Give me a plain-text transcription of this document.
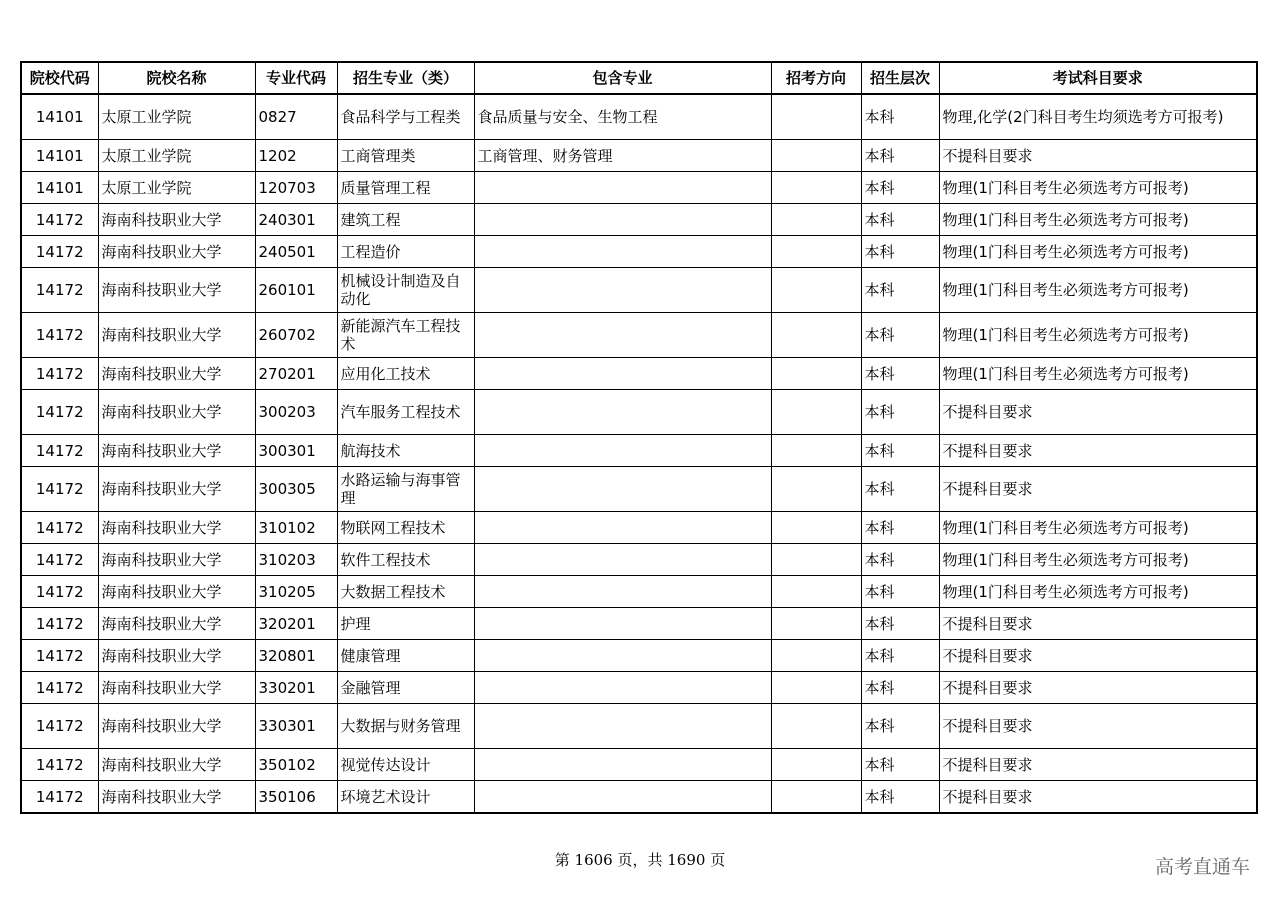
院校代码	院校名称	专业代码	招生专业（类）	包含专业	招考方向	招生层次	考试科目要求
14101	太原工业学院	0827	食品科学与工程类	食品质量与安全、生物工程		本科	物理,化学(2门科目考生均须选考方可报考)
14101	太原工业学院	1202	工商管理类	工商管理、财务管理		本科	不提科目要求
14101	太原工业学院	120703	质量管理工程			本科	物理(1门科目考生必须选考方可报考)
14172	海南科技职业大学	240301	建筑工程			本科	物理(1门科目考生必须选考方可报考)
14172	海南科技职业大学	240501	工程造价			本科	物理(1门科目考生必须选考方可报考)
14172	海南科技职业大学	260101	机械设计制造及自动化			本科	物理(1门科目考生必须选考方可报考)
14172	海南科技职业大学	260702	新能源汽车工程技术			本科	物理(1门科目考生必须选考方可报考)
14172	海南科技职业大学	270201	应用化工技术			本科	物理(1门科目考生必须选考方可报考)
14172	海南科技职业大学	300203	汽车服务工程技术			本科	不提科目要求
14172	海南科技职业大学	300301	航海技术			本科	不提科目要求
14172	海南科技职业大学	300305	水路运输与海事管理			本科	不提科目要求
14172	海南科技职业大学	310102	物联网工程技术			本科	物理(1门科目考生必须选考方可报考)
14172	海南科技职业大学	310203	软件工程技术			本科	物理(1门科目考生必须选考方可报考)
14172	海南科技职业大学	310205	大数据工程技术			本科	物理(1门科目考生必须选考方可报考)
14172	海南科技职业大学	320201	护理			本科	不提科目要求
14172	海南科技职业大学	320801	健康管理			本科	不提科目要求
14172	海南科技职业大学	330201	金融管理			本科	不提科目要求
14172	海南科技职业大学	330301	大数据与财务管理			本科	不提科目要求
14172	海南科技职业大学	350102	视觉传达设计			本科	不提科目要求
14172	海南科技职业大学	350106	环境艺术设计			本科	不提科目要求
第 1606 页，共 1690 页	高考直通车
